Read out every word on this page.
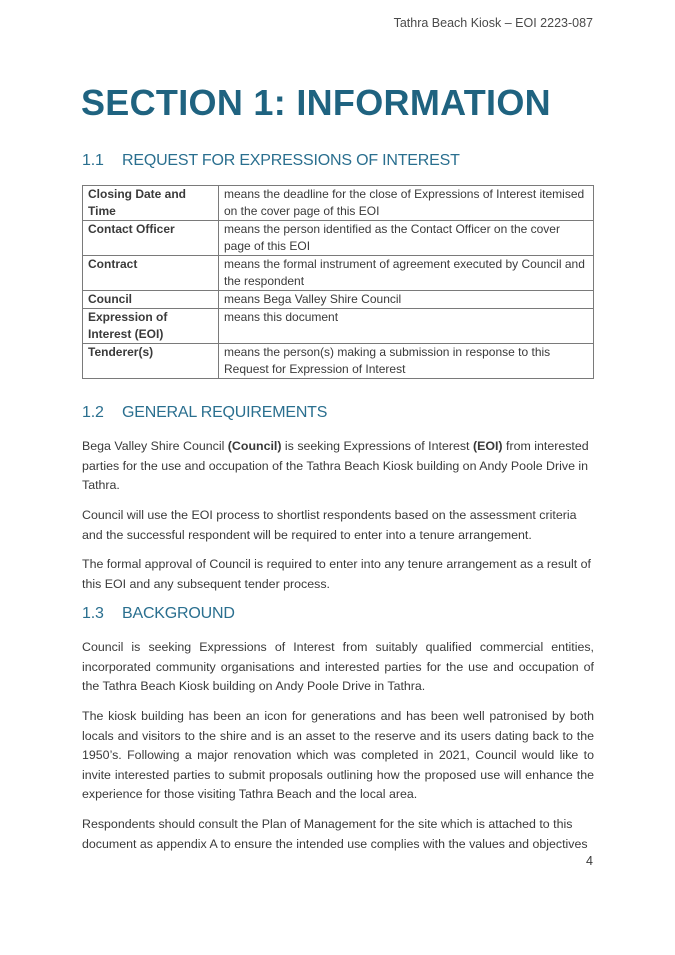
Tathra Beach Kiosk – EOI 2223-087
SECTION 1: INFORMATION
1.1 REQUEST FOR EXPRESSIONS OF INTEREST
Closing Date and Time	means the deadline for the close of Expressions of Interest itemised on the cover page of this EOI
Contact Officer	means the person identified as the Contact Officer on the cover page of this EOI
Contract	means the formal instrument of agreement executed by Council and the respondent
Council	means Bega Valley Shire Council
Expression of Interest (EOI)	means this document
Tenderer(s)	means the person(s) making a submission in response to this Request for Expression of Interest
1.2 GENERAL REQUIREMENTS

Bega Valley Shire Council (Council) is seeking Expressions of Interest (EOI) from interested parties for the use and occupation of the Tathra Beach Kiosk building on Andy Poole Drive in Tathra.

Council will use the EOI process to shortlist respondents based on the assessment criteria and the successful respondent will be required to enter into a tenure arrangement.

The formal approval of Council is required to enter into any tenure arrangement as a result of this EOI and any subsequent tender process.

1.3 BACKGROUND

Council is seeking Expressions of Interest from suitably qualified commercial entities, incorporated community organisations and interested parties for the use and occupation of the Tathra Beach Kiosk building on Andy Poole Drive in Tathra.

The kiosk building has been an icon for generations and has been well patronised by both locals and visitors to the shire and is an asset to the reserve and its users dating back to the 1950’s. Following a major renovation which was completed in 2021, Council would like to invite interested parties to submit proposals outlining how the proposed use will enhance the experience for those visiting Tathra Beach and the local area.

Respondents should consult the Plan of Management for the site which is attached to this document as appendix A to ensure the intended use complies with the values and objectives

4
